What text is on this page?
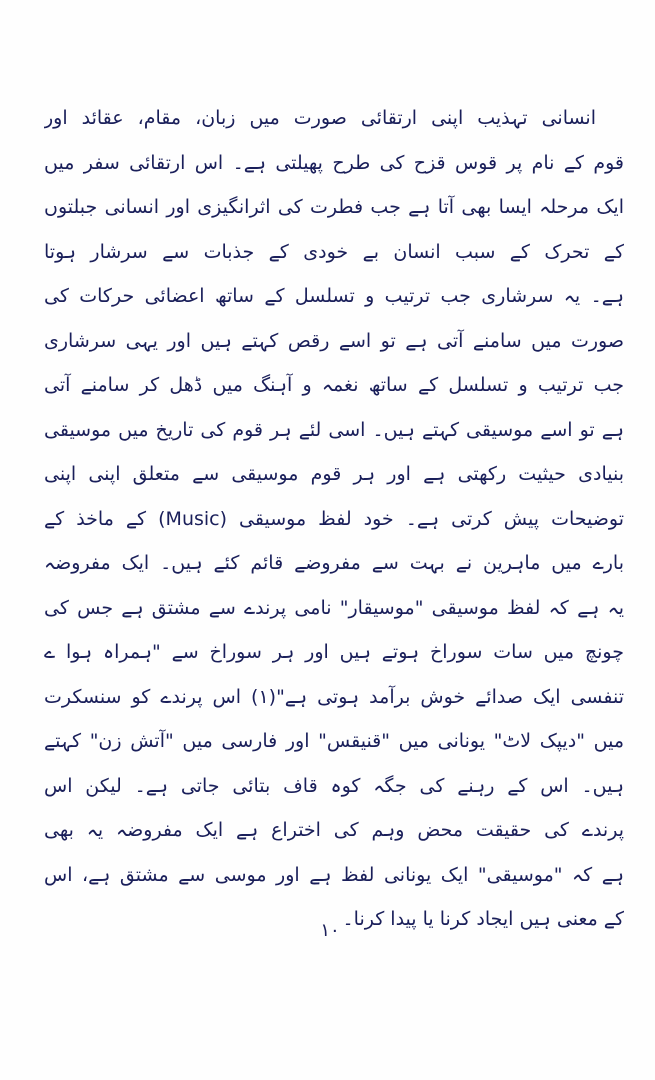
انسانی تہذیب اپنی ارتقائی صورت میں زبان، مقام، عقائد اور
قوم کے نام پر قوس قزح کی طرح پھیلتی ہے۔ اس ارتقائی سفر میں
ایک مرحلہ ایسا بھی آتا ہے جب فطرت کی اثرانگیزی اور انسانی جبلتوں
کے تحرک کے سبب انسان بے خودی کے جذبات سے سرشار ہوتا
ہے۔ یہ سرشاری جب ترتیب و تسلسل کے ساتھ اعضائی حرکات کی
صورت میں سامنے آتی ہے تو اسے رقص کہتے ہیں اور یہی سرشاری
جب ترتیب و تسلسل کے ساتھ نغمہ و آہنگ میں ڈھل کر سامنے آتی
ہے تو اسے موسیقی کہتے ہیں۔ اسی لئے ہر قوم کی تاریخ میں موسیقی
بنیادی حیثیت رکھتی ہے اور ہر قوم موسیقی سے متعلق اپنی اپنی
توضیحات پیش کرتی ہے۔ خود لفظ موسیقی (Music) کے ماخذ کے
بارے میں ماہرین نے بہت سے مفروضے قائم کئے ہیں۔ ایک مفروضہ
یہ ہے کہ لفظ موسیقی "موسیقار" نامی پرندے سے مشتق ہے جس کی
چونچ میں سات سوراخ ہوتے ہیں اور ہر سوراخ سے "ہمراہ ہوا ے
تنفسی ایک صدائے خوش برآمد ہوتی ہے"(۱) اس پرندے کو سنسکرت
میں "دیپک لاٹ" یونانی میں "قنیقس" اور فارسی میں "آتش زن" کہتے
ہیں۔ اس کے رہنے کی جگہ کوہ قاف بتائی جاتی ہے۔ لیکن اس
پرندے کی حقیقت محض وہم کی اختراع ہے ایک مفروضہ یہ بھی
ہے کہ "موسیقی" ایک یونانی لفظ ہے اور موسی سے مشتق ہے، اس
کے معنی ہیں ایجاد کرنا یا پیدا کرنا۔
۱۰
